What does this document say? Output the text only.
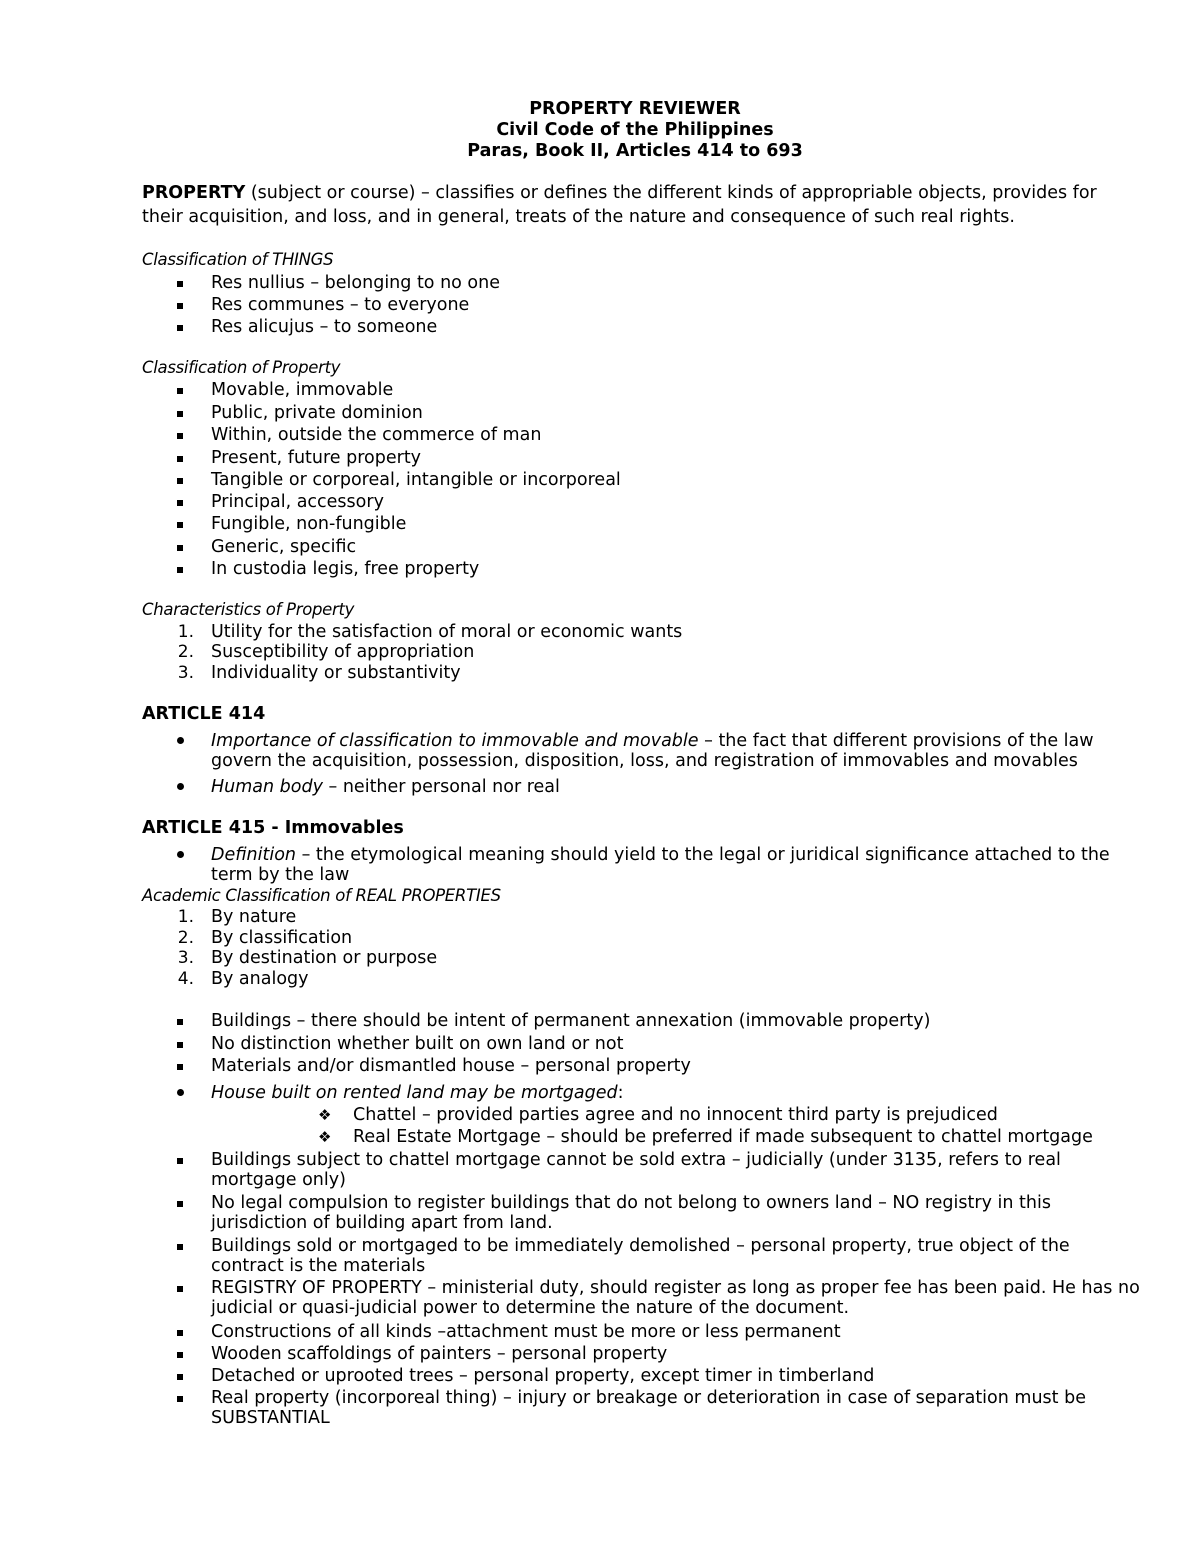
PROPERTY REVIEWER
Civil Code of the Philippines
Paras, Book II, Articles 414 to 693
PROPERTY (subject or course) – classifies or defines the different kinds of appropriable objects, provides for their acquisition, and loss, and in general, treats of the nature and consequence of such real rights.
Classification of THINGS
Res nullius – belonging to no one
Res communes – to everyone
Res alicujus – to someone
Classification of Property
Movable, immovable
Public, private dominion
Within, outside the commerce of man
Present, future property
Tangible or corporeal, intangible or incorporeal
Principal, accessory
Fungible, non-fungible
Generic, specific
In custodia legis, free property
Characteristics of Property
1. Utility for the satisfaction of moral or economic wants
2. Susceptibility of appropriation
3. Individuality or substantivity
ARTICLE 414
Importance of classification to immovable and movable – the fact that different provisions of the law govern the acquisition, possession, disposition, loss, and registration of immovables and movables
Human body – neither personal nor real
ARTICLE 415 - Immovables
Definition – the etymological meaning should yield to the legal or juridical significance attached to the term by the law
Academic Classification of REAL PROPERTIES
1. By nature
2. By classification
3. By destination or purpose
4. By analogy
Buildings – there should be intent of permanent annexation (immovable property)
No distinction whether built on own land or not
Materials and/or dismantled house – personal property
House built on rented land may be mortgaged:
❖ Chattel – provided parties agree and no innocent third party is prejudiced
❖ Real Estate Mortgage – should be preferred if made subsequent to chattel mortgage
Buildings subject to chattel mortgage cannot be sold extra – judicially (under 3135, refers to real mortgage only)
No legal compulsion to register buildings that do not belong to owners land – NO registry in this jurisdiction of building apart from land.
Buildings sold or mortgaged to be immediately demolished – personal property, true object of the contract is the materials
REGISTRY OF PROPERTY – ministerial duty, should register as long as proper fee has been paid. He has no judicial or quasi-judicial power to determine the nature of the document.
Constructions of all kinds –attachment must be more or less permanent
Wooden scaffoldings of painters – personal property
Detached or uprooted trees – personal property, except timer in timberland
Real property (incorporeal thing) – injury or breakage or deterioration in case of separation must be SUBSTANTIAL
